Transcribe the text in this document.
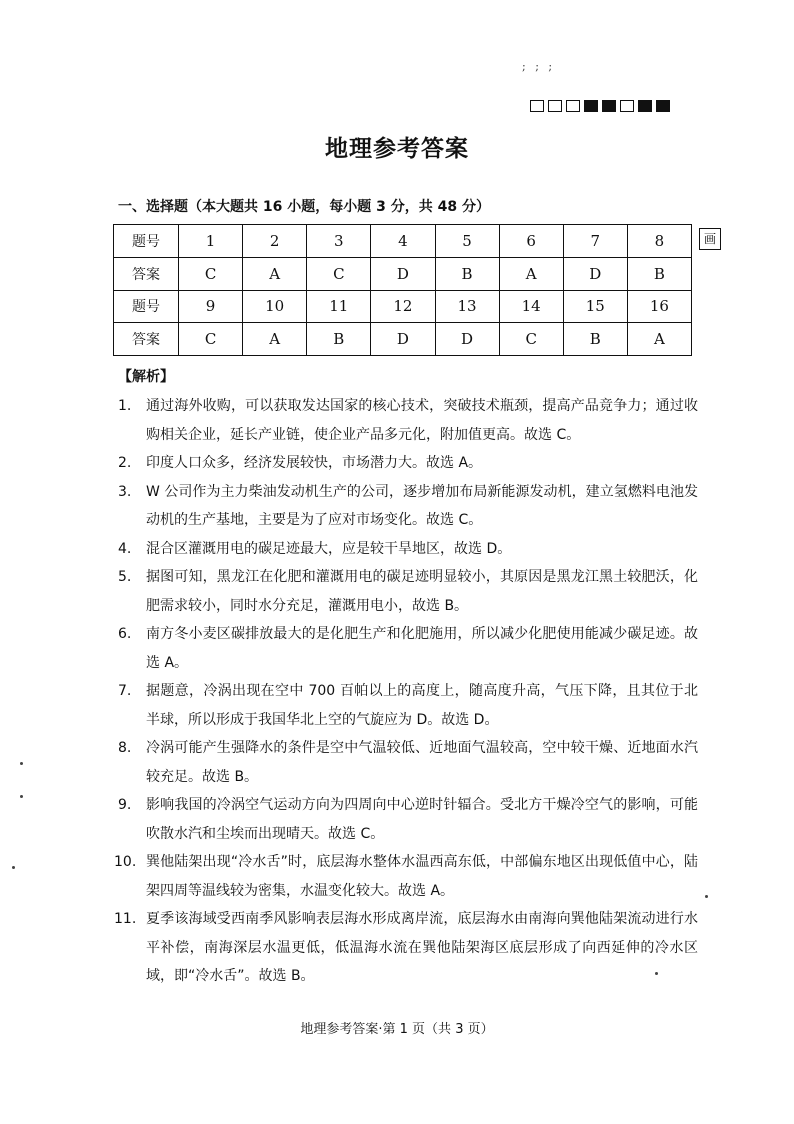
; ; ;
地理参考答案
一、选择题（本大题共 16 小题，每小题 3 分，共 48 分）
题号	1	2	3	4	5	6	7	8
答案	C	A	C	D	B	A	D	B
题号	9	10	11	12	13	14	15	16
答案	C	A	B	D	D	C	B	A
画
【解析】
1. 通过海外收购，可以获取发达国家的核心技术，突破技术瓶颈，提高产品竞争力；通过收购相关企业，延长产业链，使企业产品多元化，附加值更高。故选 C。
2. 印度人口众多，经济发展较快，市场潜力大。故选 A。
3. W 公司作为主力柴油发动机生产的公司，逐步增加布局新能源发动机，建立氢燃料电池发动机的生产基地，主要是为了应对市场变化。故选 C。
4. 混合区灌溉用电的碳足迹最大，应是较干旱地区，故选 D。
5. 据图可知，黑龙江在化肥和灌溉用电的碳足迹明显较小，其原因是黑龙江黑土较肥沃，化肥需求较小，同时水分充足，灌溉用电小，故选 B。
6. 南方冬小麦区碳排放最大的是化肥生产和化肥施用，所以减少化肥使用能减少碳足迹。故选 A。
7. 据题意，冷涡出现在空中 700 百帕以上的高度上，随高度升高，气压下降，且其位于北半球，所以形成于我国华北上空的气旋应为 D。故选 D。
8. 冷涡可能产生强降水的条件是空中气温较低、近地面气温较高，空中较干燥、近地面水汽较充足。故选 B。
9. 影响我国的冷涡空气运动方向为四周向中心逆时针辐合。受北方干燥冷空气的影响，可能吹散水汽和尘埃而出现晴天。故选 C。
10. 巽他陆架出现“冷水舌”时，底层海水整体水温西高东低，中部偏东地区出现低值中心，陆架四周等温线较为密集，水温变化较大。故选 A。
11. 夏季该海域受西南季风影响表层海水形成离岸流，底层海水由南海向巽他陆架流动进行水平补偿，南海深层水温更低，低温海水流在巽他陆架海区底层形成了向西延伸的冷水区域，即“冷水舌”。故选 B。
地理参考答案·第 1 页（共 3 页）
